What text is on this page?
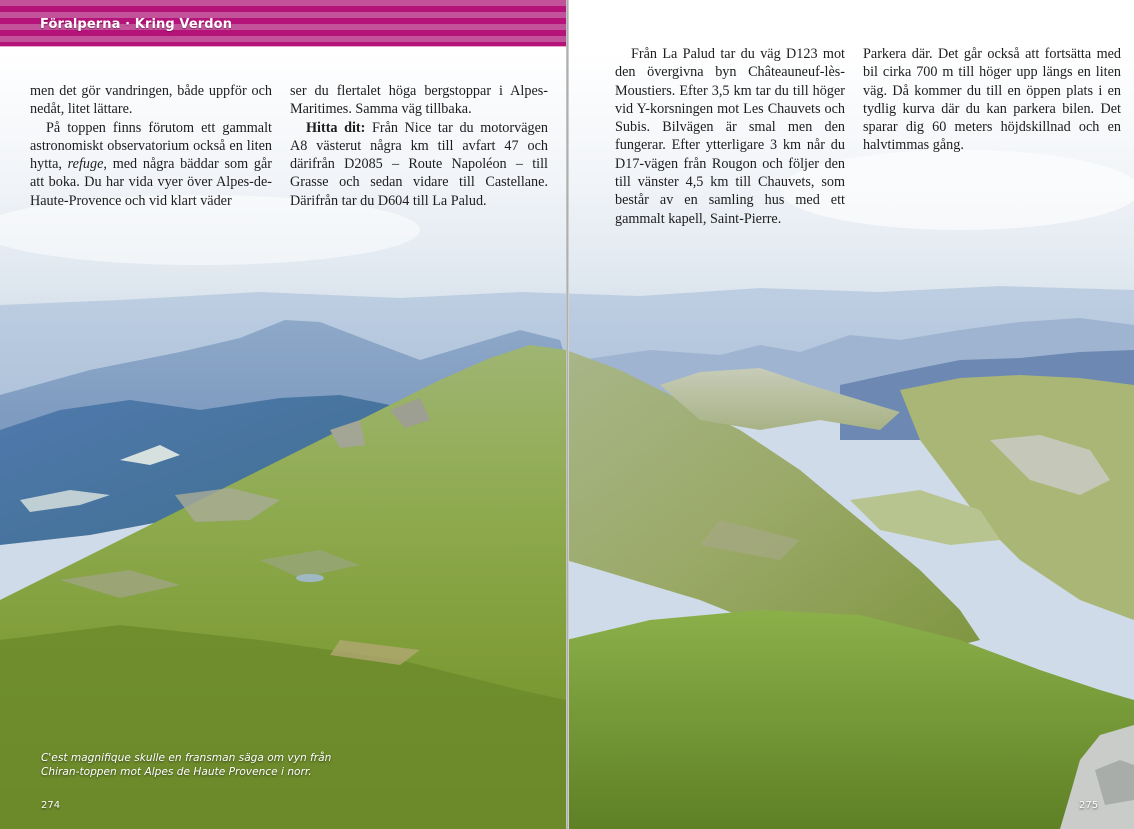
Föralperna · Kring Verdon

men det gör vandringen, både uppför och nedåt, litet lättare.

På toppen finns förutom ett gammalt astronomiskt observatorium också en liten hytta, refuge, med några bäddar som går att boka. Du har vida vyer över Alpes-de-Haute-Provence och vid klart väder

ser du flertalet höga bergstoppar i Alpes-Maritimes. Samma väg tillbaka.

Hitta dit: Från Nice tar du motorvägen A8 västerut några km till avfart 47 och därifrån D2085 – Route Napoléon – till Grasse och sedan vidare till Castellane. Därifrån tar du D604 till La Palud.

Från La Palud tar du väg D123 mot den övergivna byn Châteauneuf-lès-Moustiers. Efter 3,5 km tar du till höger vid Y-korsningen mot Les Chauvets och Subis. Bilvägen är smal men den fungerar. Efter ytterligare 3 km når du D17-vägen från Rougon och följer den till vänster 4,5 km till Chauvets, som består av en samling hus med ett gammalt kapell, Saint-Pierre.

Parkera där. Det går också att fortsätta med bil cirka 700 m till höger upp längs en liten väg. Då kommer du till en öppen plats i en tydlig kurva där du kan parkera bilen. Det sparar dig 60 meters höjdskillnad och en halvtimmas gång.

C'est magnifique skulle en fransman säga om vyn från Chiran-toppen mot Alpes de Haute Provence i norr.
274	275
